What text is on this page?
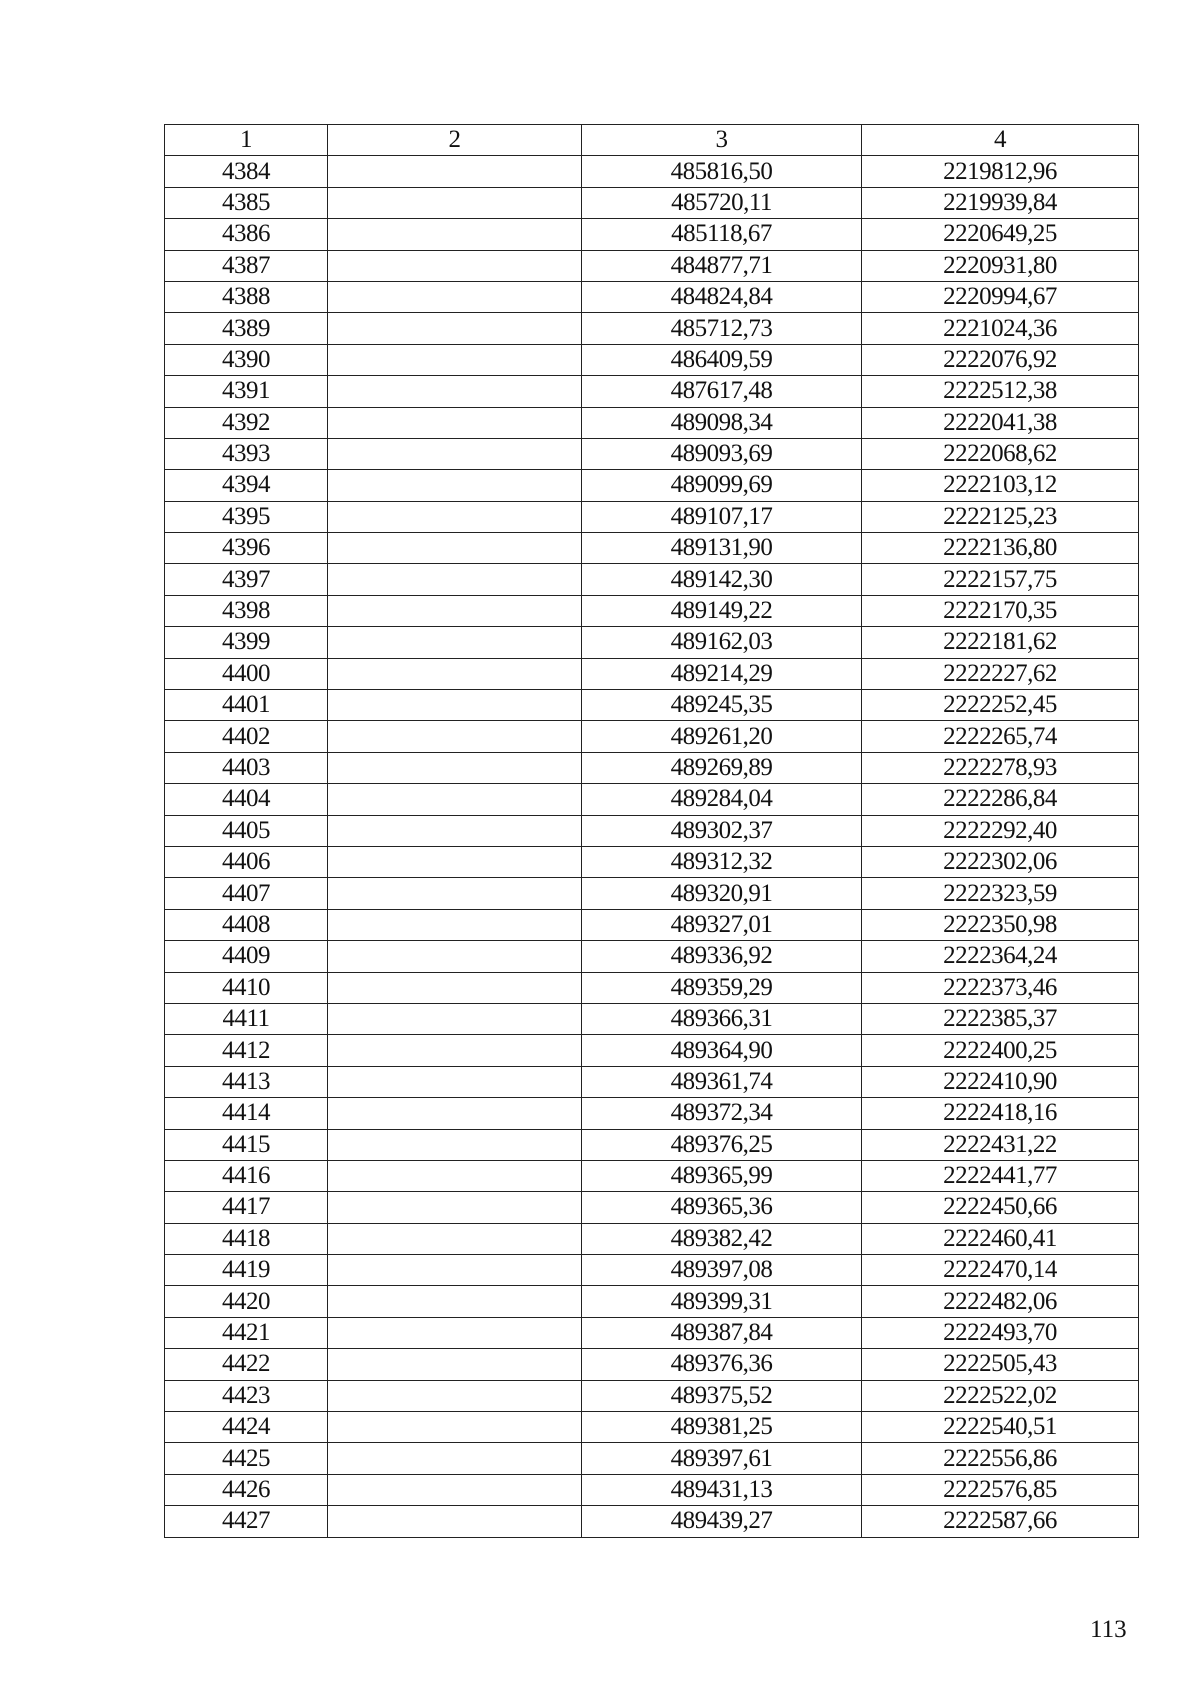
1	2	3	4
4384		485816,50	2219812,96
4385		485720,11	2219939,84
4386		485118,67	2220649,25
4387		484877,71	2220931,80
4388		484824,84	2220994,67
4389		485712,73	2221024,36
4390		486409,59	2222076,92
4391		487617,48	2222512,38
4392		489098,34	2222041,38
4393		489093,69	2222068,62
4394		489099,69	2222103,12
4395		489107,17	2222125,23
4396		489131,90	2222136,80
4397		489142,30	2222157,75
4398		489149,22	2222170,35
4399		489162,03	2222181,62
4400		489214,29	2222227,62
4401		489245,35	2222252,45
4402		489261,20	2222265,74
4403		489269,89	2222278,93
4404		489284,04	2222286,84
4405		489302,37	2222292,40
4406		489312,32	2222302,06
4407		489320,91	2222323,59
4408		489327,01	2222350,98
4409		489336,92	2222364,24
4410		489359,29	2222373,46
4411		489366,31	2222385,37
4412		489364,90	2222400,25
4413		489361,74	2222410,90
4414		489372,34	2222418,16
4415		489376,25	2222431,22
4416		489365,99	2222441,77
4417		489365,36	2222450,66
4418		489382,42	2222460,41
4419		489397,08	2222470,14
4420		489399,31	2222482,06
4421		489387,84	2222493,70
4422		489376,36	2222505,43
4423		489375,52	2222522,02
4424		489381,25	2222540,51
4425		489397,61	2222556,86
4426		489431,13	2222576,85
4427		489439,27	2222587,66
113
